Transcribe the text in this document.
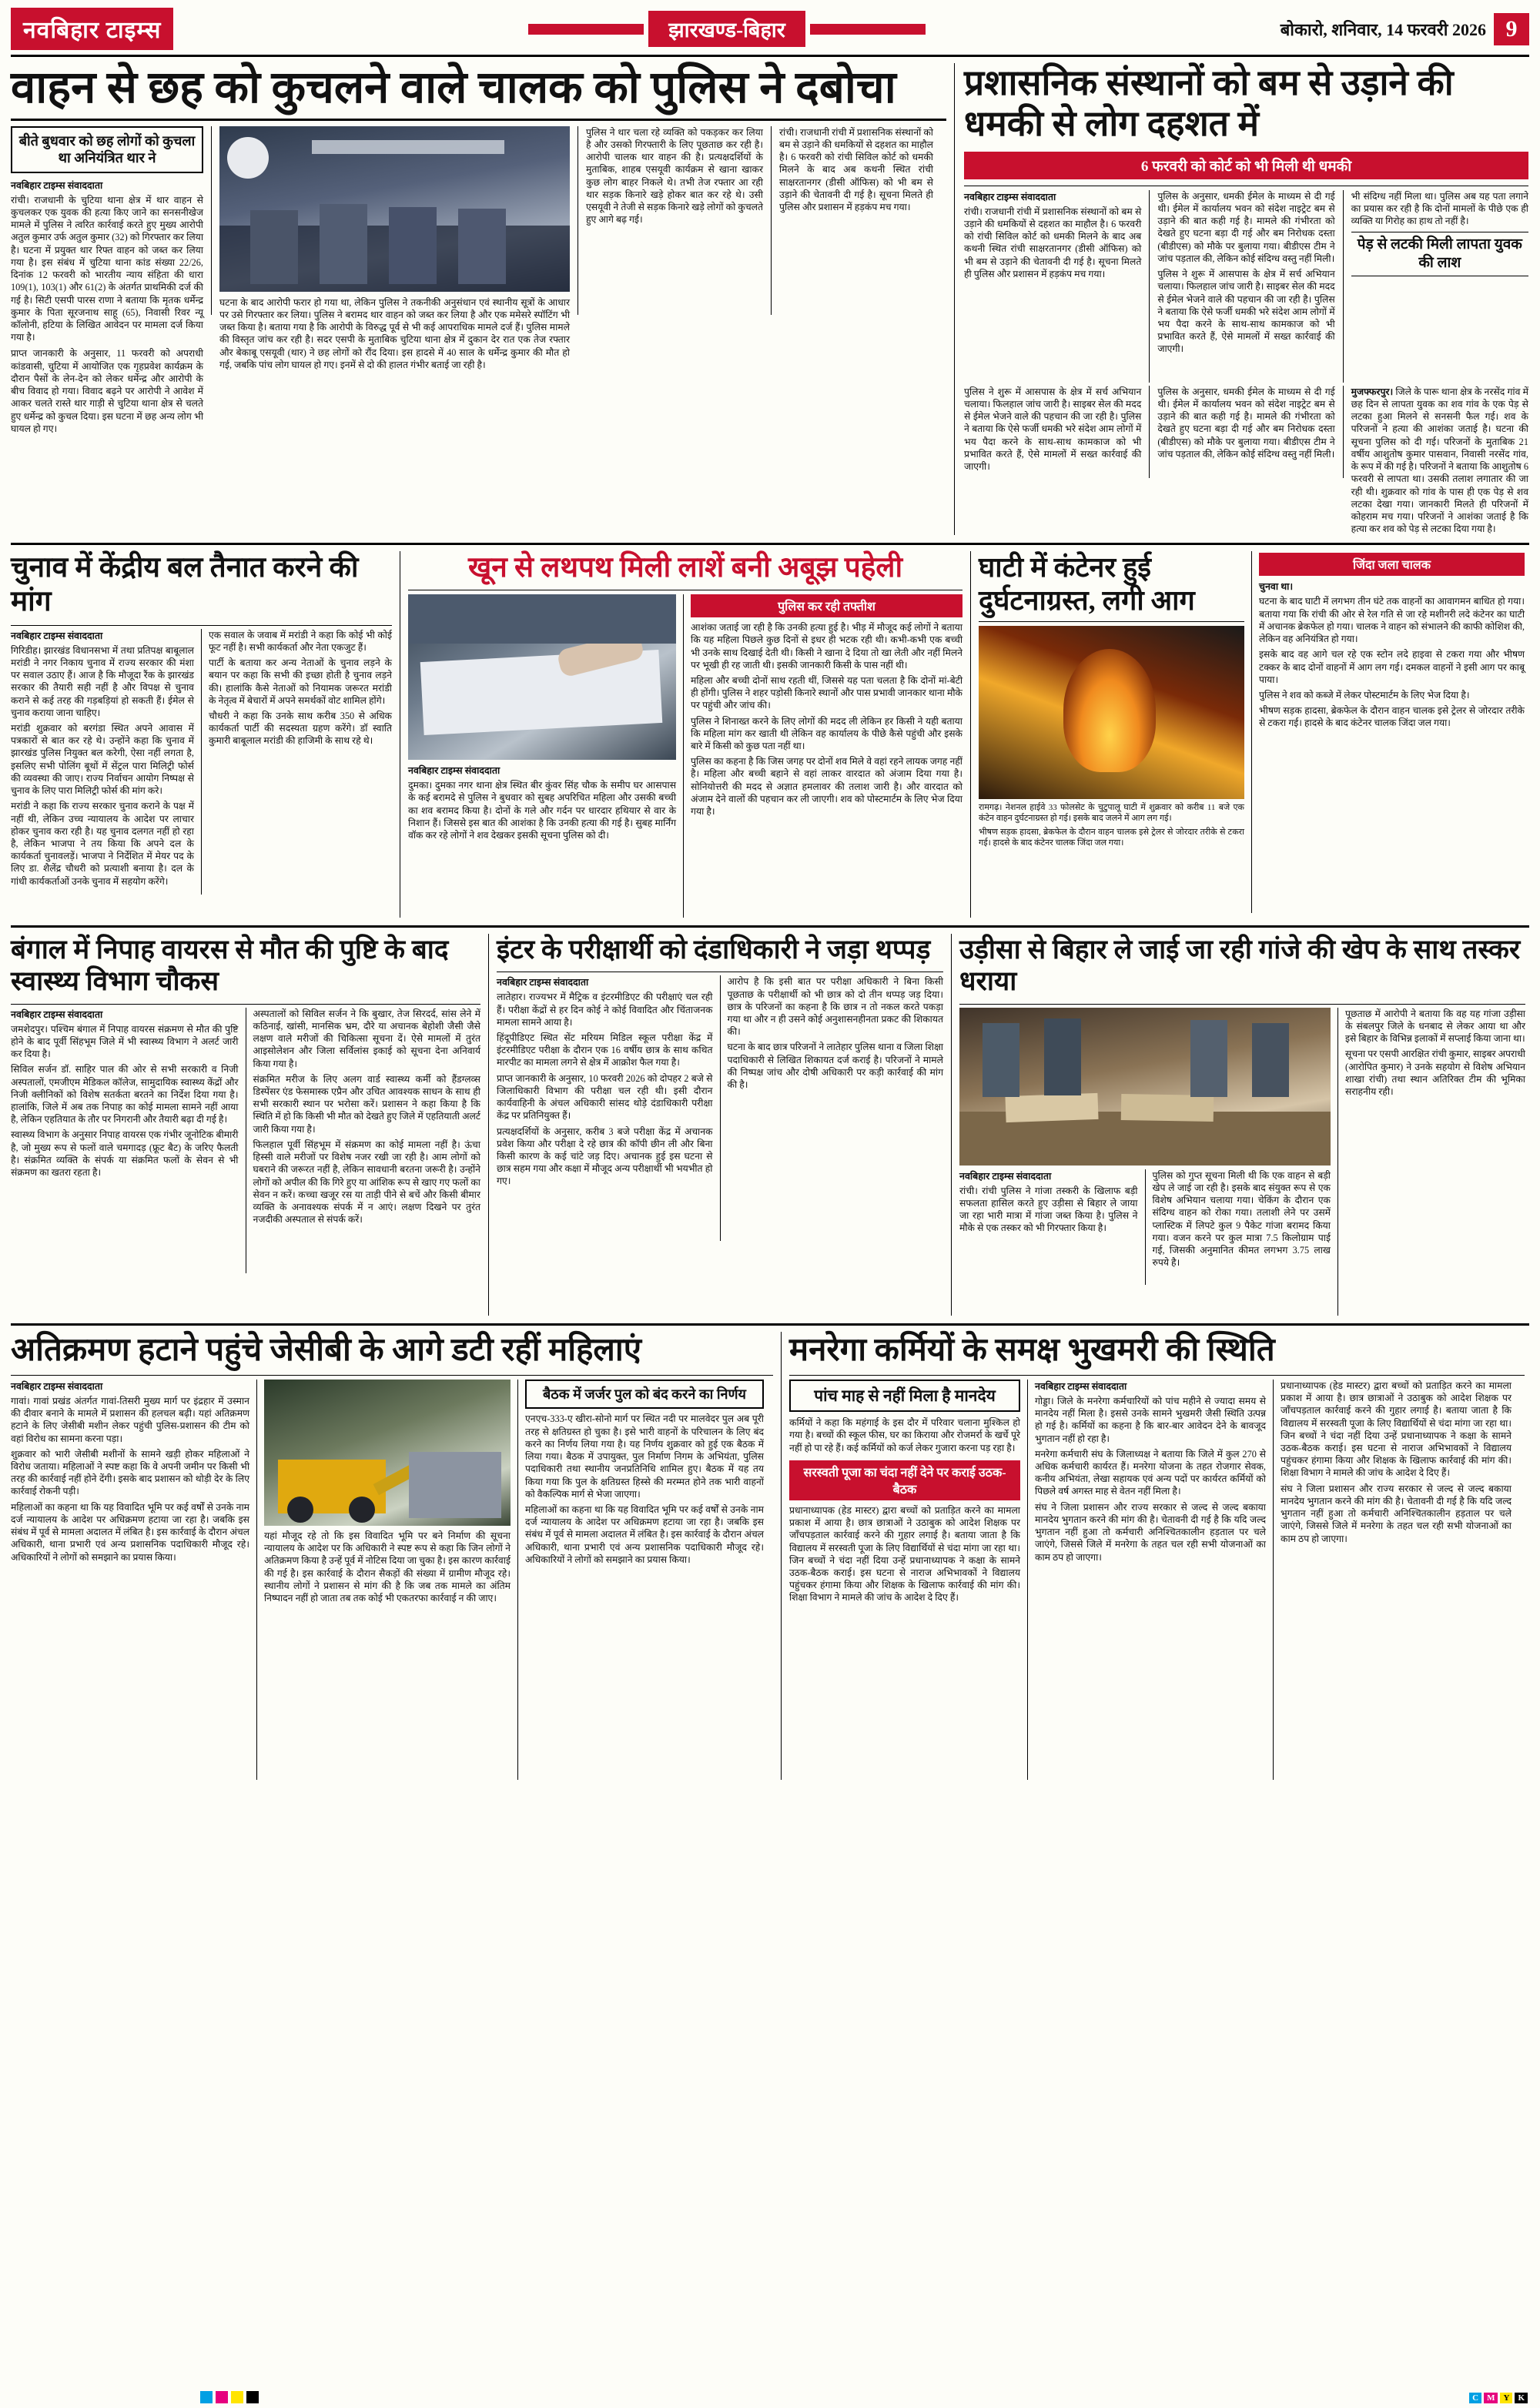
नवबिहार टाइम्स	झारखण्ड-बिहार	बोकारो, शनिवार, 14 फरवरी 2026 9
वाहन से छह को कुचलने वाले चालक को पुलिस ने दबोचा
बीते बुधवार को छह लोगों को कुचला था अनियंत्रित थार ने
नवबिहार टाइम्स संवाददाता
रांची। राजधानी के चुटिया थाना क्षेत्र में थार वाहन से कुचलकर एक युवक की हत्या किए जाने का सनसनीखेज मामले में पुलिस ने त्वरित कार्रवाई करते हुए मुख्य आरोपी अतुल कुमार उर्फ अतुल कुमार (32) को गिरफ्तार कर लिया है। घटना में प्रयुक्त थार रिफ्त वाहन को जब्त कर लिया गया है। इस संबंध में चुटिया थाना कांड संख्या 22/26, दिनांक 12 फरवरी को भारतीय न्याय संहिता की धारा 109(1), 103(1) और 61(2) के अंतर्गत प्राथमिकी दर्ज की गई है। सिटी एसपी पारस राणा ने बताया कि मृतक धर्मेन्द्र कुमार के पिता सूरजनाथ साहू (65), निवासी रिवर न्यू कॉलोनी, हटिया के लिखित आवेदन पर मामला दर्ज किया गया है।
प्राप्त जानकारी के अनुसार, 11 फरवरी को अपराधी कांडवासी, चुटिया में आयोजित एक गृहप्रवेश कार्यक्रम के दौरान पैसों के लेन-देन को लेकर धर्मेन्द्र और आरोपी के बीच विवाद हो गया। विवाद बढ़ने पर आरोपी ने आवेश में आकर चलते रास्ते थार गाड़ी से चुटिया थाना क्षेत्र से चलते हुए धर्मेन्द्र को कुचल दिया। इस घटना में छह अन्य लोग भी घायल हो गए।
घटना के बाद आरोपी फरार हो गया था, लेकिन पुलिस ने तकनीकी अनुसंधान एवं स्थानीय सूत्रों के आधार पर उसे गिरफ्तार कर लिया। पुलिस ने बरामद थार वाहन को जब्त कर लिया है और एक ममेसरे स्पॉटिंग भी जब्त किया है। बताया गया है कि आरोपी के विरुद्ध पूर्व से भी कई आपराधिक मामले दर्ज हैं। पुलिस मामले की विस्तृत जांच कर रही है। सदर एसपी के मुताबिक चुटिया थाना क्षेत्र में दुकान देर रात एक तेज रफ्तार और बेकाबू एसयूवी (थार) ने छह लोगों को रौंद दिया। इस हादसे में 40 साल के धर्मेन्द्र कुमार की मौत हो गई, जबकि पांच लोग घायल हो गए। इनमें से दो की हालत गंभीर बताई जा रही है।
पुलिस ने थार चला रहे व्यक्ति को पकड़कर कर लिया है और उसको गिरफ्तारी के लिए पूछताछ कर रही है। आरोपी चालक थार वाहन की है। प्रत्यक्षदर्शियों के मुताबिक, शाहब एसयूवी कार्यक्रम से खाना खाकर कुछ लोग बाहर निकले थे। तभी तेज रफ्तार आ रही थार सड़क किनारे खड़े होकर बात कर रहे थे। उसी एसयूवी ने तेजी से सड़क किनारे खड़े लोगों को कुचलते हुए आगे बढ़ गई।
रांची। राजधानी रांची में प्रशासनिक संस्थानों को बम से उड़ाने की धमकियों से दहशत का माहौल है। 6 फरवरी को रांची सिविल कोर्ट को धमकी मिलने के बाद अब कथनी स्थित रांची साक्षरतानगर (डीसी ऑफिस) को भी बम से उड़ाने की चेतावनी दी गई है। सूचना मिलते ही पुलिस और प्रशासन में हड़कंप मच गया।
प्रशासनिक संस्थानों को बम से उड़ाने की धमकी से लोग दहशत में
6 फरवरी को कोर्ट को भी मिली थी धमकी
नवबिहार टाइम्स संवाददाता
रांची। राजधानी रांची में प्रशासनिक संस्थानों को बम से उड़ाने की धमकियों से दहशत का माहौल है। 6 फरवरी को रांची सिविल कोर्ट को धमकी मिलने के बाद अब कथनी स्थित रांची साक्षरतानगर (डीसी ऑफिस) को भी बम से उड़ाने की चेतावनी दी गई है। सूचना मिलते ही पुलिस और प्रशासन में हड़कंप मच गया।
पुलिस के अनुसार, धमकी ईमेल के माध्यम से दी गई थी। ईमेल में कार्यालय भवन को संदेश नाइट्रेट बम से उड़ाने की बात कही गई है। मामले की गंभीरता को देखते हुए घटना बड़ा दी गई और बम निरोधक दस्ता (बीडीएस) को मौके पर बुलाया गया। बीडीएस टीम ने जांच पड़ताल की, लेकिन कोई संदिग्ध वस्तु नहीं मिली।
पुलिस ने शुरू में आसपास के क्षेत्र में सर्च अभियान चलाया। फिलहाल जांच जारी है। साइबर सेल की मदद से ईमेल भेजने वाले की पहचान की जा रही है। पुलिस ने बताया कि ऐसे फर्जी धमकी भरे संदेश आम लोगों में भय पैदा करने के साथ-साथ कामकाज को भी प्रभावित करते हैं, ऐसे मामलों में सख्त कार्रवाई की जाएगी।
भी संदिग्ध नहीं मिला था। पुलिस अब यह पता लगाने का प्रयास कर रही है कि दोनों मामलों के पीछे एक ही व्यक्ति या गिरोह का हाथ तो नहीं है।
पेड़ से लटकी मिली लापता युवक की लाश
पुलिस ने शुरू में आसपास के क्षेत्र में सर्च अभियान चलाया। फिलहाल जांच जारी है। साइबर सेल की मदद से ईमेल भेजने वाले की पहचान की जा रही है। पुलिस ने बताया कि ऐसे फर्जी धमकी भरे संदेश आम लोगों में भय पैदा करने के साथ-साथ कामकाज को भी प्रभावित करते हैं, ऐसे मामलों में सख्त कार्रवाई की जाएगी।
पुलिस के अनुसार, धमकी ईमेल के माध्यम से दी गई थी। ईमेल में कार्यालय भवन को संदेश नाइट्रेट बम से उड़ाने की बात कही गई है। मामले की गंभीरता को देखते हुए घटना बड़ा दी गई और बम निरोधक दस्ता (बीडीएस) को मौके पर बुलाया गया। बीडीएस टीम ने जांच पड़ताल की, लेकिन कोई संदिग्ध वस्तु नहीं मिली।
मुजफ्फरपुर। जिले के पारू थाना क्षेत्र के नरसेंद गांव में छह दिन से लापता युवक का शव गांव के एक पेड़ से लटका हुआ मिलने से सनसनी फैल गई। शव के परिजनों ने हत्या की आशंका जताई है। घटना की सूचना पुलिस को दी गई। परिजनों के मुताबिक 21 वर्षीय आशुतोष कुमार पासवान, निवासी नरसेंद गांव, के रूप में की गई है। परिजनों ने बताया कि आशुतोष 6 फरवरी से लापता था। उसकी तलाश लगातार की जा रही थी। शुक्रवार को गांव के पास ही एक पेड़ से शव लटका देखा गया। जानकारी मिलते ही परिजनों में कोहराम मच गया। परिजनों ने आशंका जताई है कि हत्या कर शव को पेड़ से लटका दिया गया है।
चुनाव में केंद्रीय बल तैनात करने की मांग
नवबिहार टाइम्स संवाददाता
गिरिडीह। झारखंड विधानसभा में तथा प्रतिपक्ष बाबूलाल मरांडी ने नगर निकाय चुनाव में राज्य सरकार की मंशा पर सवाल उठाए हैं। आज है कि मौजूदा रैंक के झारखंड सरकार की तैयारी सही नहीं है और विपक्ष से चुनाव कराने से कई तरह की गड़बड़ियां हो सकती हैं। ईमेल से चुनाव कराया जाना चाहिए।
मरांडी शुक्रवार को बरगंडा स्थित अपने आवास में पत्रकारों से बात कर रहे थे। उन्होंने कहा कि चुनाव में झारखंड पुलिस नियुक्त बल करेगी, ऐसा नहीं लगता है, इसलिए सभी पोलिंग बूथों में सेंट्रल पारा मिलिट्री फोर्स की व्यवस्था की जाए। राज्य निर्वाचन आयोग निष्पक्ष से चुनाव के लिए पारा मिलिट्री फोर्स की मांग करे।
मरांडी ने कहा कि राज्य सरकार चुनाव कराने के पक्ष में नहीं थी, लेकिन उच्च न्यायालय के आदेश पर लाचार होकर चुनाव करा रही है। यह चुनाव दलगत नहीं हो रहा है, लेकिन भाजपा ने तय किया कि अपने दल के कार्यकर्ता चुनावलड़ें। भाजपा ने निर्देशित में मेयर पद के लिए डा. शैलेंद्र चौधरी को प्रत्याशी बनाया है। दल के गांधी कार्यकर्ताओं उनके चुनाव में सहयोग करेंगे।
एक सवाल के जवाब में मरांडी ने कहा कि कोई भी कोई फूट नहीं है। सभी कार्यकर्ता और नेता एकजुट हैं।
पार्टी के बताया कर अन्य नेताओं के चुनाव लड़ने के बयान पर कहा कि सभी की इच्छा होती है चुनाव लड़ने की। हालांकि कैसे नेताओं को नियामक जरूरत मरांडी के नेतृत्व में बेचारों में अपने समर्थकों वोट शामिल होंगे।
चौधरी ने कहा कि उनके साथ करीब 350 से अधिक कार्यकर्ता पार्टी की सदस्यता ग्रहण करेंगे। डॉ स्वाति कुमारी बाबूलाल मरांडी की हाजिमी के साथ रहे थे।
खून से लथपथ मिली लाशें बनी अबूझ पहेली
नवबिहार टाइम्स संवाददाता
दुमका। दुमका नगर थाना क्षेत्र स्थित बीर कुंवर सिंह चौक के समीप घर आसपास के कई बरामदे से पुलिस ने बुधवार को सुबह अपरिचित महिला और उसकी बच्ची का शव बरामद किया है। दोनों के गले और गर्दन पर धारदार हथियार से वार के निशान हैं। जिससे इस बात की आशंका है कि उनकी हत्या की गई है। सुबह मार्निंग वॉक कर रहे लोगों ने शव देखकर इसकी सूचना पुलिस को दी।
पुलिस कर रही तफ्तीश
आशंका जताई जा रही है कि उनकी हत्या हुई है। भीड़ में मौजूद कई लोगों ने बताया कि यह महिला पिछले कुछ दिनों से इधर ही भटक रही थी। कभी-कभी एक बच्ची भी उनके साथ दिखाई देती थी। किसी ने खाना दे दिया तो खा लेती और नहीं मिलने पर भूखी ही रह जाती थी। इसकी जानकारी किसी के पास नहीं थी।
महिला और बच्ची दोनों साथ रहती थीं, जिससे यह पता चलता है कि दोनों मां-बेटी ही होंगी। पुलिस ने शहर पड़ोसी किनारे स्थानों और पास प्रभावी जानकार थाना मौके पर पहुंची और जांच की।
पुलिस ने शिनाख्त करने के लिए लोगों की मदद ली लेकिन हर किसी ने यही बताया कि महिला मांग कर खाती थी लेकिन वह कार्यालय के पीछे कैसे पहुंची और इसके बारे में किसी को कुछ पता नहीं था।
पुलिस का कहना है कि जिस जगह पर दोनों शव मिले वे वहां रहने लायक जगह नहीं है। महिला और बच्ची बहाने से वहां लाकर वारदात को अंजाम दिया गया है। सोनियोत्तरी की मदद से अज्ञात हमलावर की तलाश जारी है। और वारदात को अंजाम देने वालों की पहचान कर ली जाएगी। शव को पोस्टमार्टम के लिए भेज दिया गया है।
घाटी में कंटेनर हुई दुर्घटनाग्रस्त, लगी आग
रामगढ़। नेशनल हाईवे 33 फोलसेट के चुटुपालू घाटी में शुक्रवार को करीब 11 बजे एक कंटेन वाहन दुर्घटनाग्रस्त हो गई। इसके बाद जलने में आग लग गई।
भीषण सड़क हादसा, ब्रेकफेल के दौरान वाहन चालक इसे ट्रेलर से जोरदार तरीके से टकरा गई। हादसे के बाद कंटेनर चालक जिंदा जल गया।
जिंदा जला चालक
चुनवा था।
घटना के बाद घाटी में लगभग तीन घंटे तक वाहनों का आवागमन बाधित हो गया। बताया गया कि रांची की ओर से रेल गति से जा रहे मशीनरी लदे कंटेनर का घाटी में अचानक ब्रेकफेल हो गया। चालक ने वाहन को संभालने की काफी कोशिश की, लेकिन वह अनियंत्रित हो गया।
इसके बाद वह आगे चल रहे एक स्टोन लदे हाइवा से टकरा गया और भीषण टक्कर के बाद दोनों वाहनों में आग लग गई। दमकल वाहनों ने इसी आग पर काबू पाया।
पुलिस ने शव को कब्जे में लेकर पोस्टमार्टम के लिए भेज दिया है।
भीषण सड़क हादसा, ब्रेकफेल के दौरान वाहन चालक इसे ट्रेलर से जोरदार तरीके से टकरा गई। हादसे के बाद कंटेनर चालक जिंदा जल गया।
बंगाल में निपाह वायरस से मौत की पुष्टि के बाद स्वास्थ्य विभाग चौकस
नवबिहार टाइम्स संवाददाता
जमशेदपुर। पश्चिम बंगाल में निपाह वायरस संक्रमण से मौत की पुष्टि होने के बाद पूर्वी सिंहभूम जिले में भी स्वास्थ्य विभाग ने अलर्ट जारी कर दिया है।
सिविल सर्जन डॉ. साहिर पाल की ओर से सभी सरकारी व निजी अस्पतालों, एमजीएम मेडिकल कॉलेज, सामुदायिक स्वास्थ्य केंद्रों और निजी क्लीनिकों को विशेष सतर्कता बरतने का निर्देश दिया गया है। हालांकि, जिले में अब तक निपाह का कोई मामला सामने नहीं आया है, लेकिन एहतियात के तौर पर निगरानी और तैयारी बढ़ा दी गई है।
स्वास्थ्य विभाग के अनुसार निपाह वायरस एक गंभीर जूनोटिक बीमारी है, जो मुख्य रूप से फलों वाले चमगादड़ (फ्रूट बैट) के जरिए फैलती है। संक्रमित व्यक्ति के संपर्क या संक्रमित फलों के सेवन से भी संक्रमण का खतरा रहता है।
अस्पतालों को सिविल सर्जन ने कि बुखार, तेज सिरदर्द, सांस लेने में कठिनाई, खांसी, मानसिक भ्रम, दौरे या अचानक बेहोशी जैसी जैसे लक्षण वाले मरीजों की चिकित्सा सूचना दें। ऐसे मामलों में तुरंत आइसोलेशन और जिला सर्विलांस इकाई को सूचना देना अनिवार्य किया गया है।
संक्रमित मरीज के लिए अलग वार्ड स्वास्थ्य कर्मी को हैंडग्लव्स डिस्पेंसर एंड फेसमास्क एप्रैन और उचित आवश्यक साधन के साथ ही सभी सरकारी स्थान पर भरोसा करें। प्रशासन ने कहा किया है कि स्थिति में हो कि किसी भी मौत को देखते हुए जिले में एहतियाती अलर्ट जारी किया गया है।
फिलहाल पूर्वी सिंहभूम में संक्रमण का कोई मामला नहीं है। ऊंचा हिस्सी वाले मरीजों पर विशेष नजर रखी जा रही है। आम लोगों को घबराने की जरूरत नहीं है, लेकिन सावधानी बरतना जरूरी है। उन्होंने लोगों को अपील की कि गिरे हुए या आंशिक रूप से खाए गए फलों का सेवन न करें। कच्चा खजूर रस या ताड़ी पीने से बचें और किसी बीमार व्यक्ति के अनावश्यक संपर्क में न आएं। लक्षण दिखने पर तुरंत नजदीकी अस्पताल से संपर्क करें।
इंटर के परीक्षार्थी को दंडाधिकारी ने जड़ा थप्पड़
नवबिहार टाइम्स संवाददाता
लातेहार। राज्यभर में मैट्रिक व इंटरमीडिएट की परीक्षाएं चल रही हैं। परीक्षा केंद्रों से हर दिन कोई ने कोई विवादित और चिंताजनक मामला सामने आया है।
हिंदूपीडिएट स्थित सेंट मरियम मिडिल स्कूल परीक्षा केंद्र में इंटरमीडिएट परीक्षा के दौरान एक 16 वर्षीय छात्र के साथ कथित मारपीट का मामला लगने से क्षेत्र में आक्रोश फैल गया है।
प्राप्त जानकारी के अनुसार, 10 फरवरी 2026 को दोपहर 2 बजे से जिलाधिकारी विभाग की परीक्षा चल रही थी। इसी दौरान कार्यवाहिनी के अंचल अधिकारी सांसद थोड़े दंडाधिकारी परीक्षा केंद्र पर प्रतिनियुक्त हैं।
प्रत्यक्षदर्शियों के अनुसार, करीब 3 बजे परीक्षा केंद्र में अचानक प्रवेश किया और परीक्षा दे रहे छात्र की कॉपी छीन ली और बिना किसी कारण के कई चांटे जड़ दिए। अचानक हुई इस घटना से छात्र सहम गया और कक्षा में मौजूद अन्य परीक्षार्थी भी भयभीत हो गए।
आरोप है कि इसी बात पर परीक्षा अधिकारी ने बिना किसी पूछताछ के परीक्षार्थी को भी छात्र को दो तीन थप्पड़ जड़ दिया। छात्र के परिजनों का कहना है कि छात्र न तो नकल करते पकड़ा गया था और न ही उसने कोई अनुशासनहीनता प्रकट की शिकायत की।
घटना के बाद छात्र परिजनों ने लातेहार पुलिस थाना व जिला शिक्षा पदाधिकारी से लिखित शिकायत दर्ज कराई है। परिजनों ने मामले की निष्पक्ष जांच और दोषी अधिकारी पर कड़ी कार्रवाई की मांग की है।
उड़ीसा से बिहार ले जाई जा रही गांजे की खेप के साथ तस्कर धराया
नवबिहार टाइम्स संवाददाता
रांची। रांची पुलिस ने गांजा तस्करी के खिलाफ बड़ी सफलता हासिल करते हुए उड़ीसा से बिहार ले जाया जा रहा भारी मात्रा में गांजा जब्त किया है। पुलिस ने मौके से एक तस्कर को भी गिरफ्तार किया है।
पुलिस को गुप्त सूचना मिली थी कि एक वाहन से बड़ी खेप ले जाई जा रही है। इसके बाद संयुक्त रूप से एक विशेष अभियान चलाया गया। चेकिंग के दौरान एक संदिग्ध वाहन को रोका गया। तलाशी लेने पर उसमें प्लास्टिक में लिपटे कुल 9 पैकेट गांजा बरामद किया गया। वजन करने पर कुल मात्रा 7.5 किलोग्राम पाई गई, जिसकी अनुमानित कीमत लगभग 3.75 लाख रुपये है।
पूछताछ में आरोपी ने बताया कि वह यह गांजा उड़ीसा के संबलपुर जिले के धनबाद से लेकर आया था और इसे बिहार के विभिन्न इलाकों में सप्लाई किया जाना था।
सूचना पर एसपी आरक्षित रांची कुमार, साइबर अपराधी (आरोपित कुमार) ने उनके सहयोग से विशेष अभियान शाखा रांची) तथा स्थान अतिरिक्त टीम की भूमिका सराहनीय रही।
अतिक्रमण हटाने पहुंचे जेसीबी के आगे डटी रहीं महिलाएं
नवबिहार टाइम्स संवाददाता
गावां। गावां प्रखंड अंतर्गत गावां-तिसरी मुख्य मार्ग पर इंद्रहार में उस्मान की दीवार बनाने के मामले में प्रशासन की हलचल बढ़ी। यहां अतिक्रमण हटाने के लिए जेसीबी मशीन लेकर पहुंची पुलिस-प्रशासन की टीम को वहां विरोध का सामना करना पड़ा।
शुक्रवार को भारी जेसीबी मशीनों के सामने खड़ी होकर महिलाओं ने विरोध जताया। महिलाओं ने स्पष्ट कहा कि वे अपनी जमीन पर किसी भी तरह की कार्रवाई नहीं होने देंगी। इसके बाद प्रशासन को थोड़ी देर के लिए कार्रवाई रोकनी पड़ी।
महिलाओं का कहना था कि यह विवादित भूमि पर कई वर्षों से उनके नाम दर्ज न्यायालय के आदेश पर अधिक्रमण हटाया जा रहा है। जबकि इस संबंध में पूर्व से मामला अदालत में लंबित है। इस कार्रवाई के दौरान अंचल अधिकारी, थाना प्रभारी एवं अन्य प्रशासनिक पदाधिकारी मौजूद रहे। अधिकारियों ने लोगों को समझाने का प्रयास किया।
यहां मौजूद रहे तो कि इस विवादित भूमि पर बने निर्माण की सूचना न्यायालय के आदेश पर कि अधिकारी ने स्पष्ट रूप से कहा कि जिन लोगों ने अतिक्रमण किया है उन्हें पूर्व में नोटिस दिया जा चुका है। इस कारण कार्रवाई की गई है। इस कार्रवाई के दौरान सैकड़ों की संख्या में ग्रामीण मौजूद रहे। स्थानीय लोगों ने प्रशासन से मांग की है कि जब तक मामले का अंतिम निष्पादन नहीं हो जाता तब तक कोई भी एकतरफा कार्रवाई न की जाए।
बैठक में जर्जर पुल को बंद करने का निर्णय
एनएच-333-ए खीरा-सोनो मार्ग पर स्थित नदी पर मालवेदर पुल अब पूरी तरह से क्षतिग्रस्त हो चुका है। इसे भारी वाहनों के परिचालन के लिए बंद करने का निर्णय लिया गया है। यह निर्णय शुक्रवार को हुई एक बैठक में लिया गया। बैठक में उपायुक्त, पुल निर्माण निगम के अभियंता, पुलिस पदाधिकारी तथा स्थानीय जनप्रतिनिधि शामिल हुए। बैठक में यह तय किया गया कि पुल के क्षतिग्रस्त हिस्से की मरम्मत होने तक भारी वाहनों को वैकल्पिक मार्ग से भेजा जाएगा।
महिलाओं का कहना था कि यह विवादित भूमि पर कई वर्षों से उनके नाम दर्ज न्यायालय के आदेश पर अधिक्रमण हटाया जा रहा है। जबकि इस संबंध में पूर्व से मामला अदालत में लंबित है। इस कार्रवाई के दौरान अंचल अधिकारी, थाना प्रभारी एवं अन्य प्रशासनिक पदाधिकारी मौजूद रहे। अधिकारियों ने लोगों को समझाने का प्रयास किया।
मनरेगा कर्मियों के समक्ष भुखमरी की स्थिति
पांच माह से नहीं मिला है मानदेय
कर्मियों ने कहा कि महंगाई के इस दौर में परिवार चलाना मुश्किल हो गया है। बच्चों की स्कूल फीस, घर का किराया और रोजमर्रा के खर्चे पूरे नहीं हो पा रहे हैं। कई कर्मियों को कर्ज लेकर गुजारा करना पड़ रहा है।
सरस्वती पूजा का चंदा नहीं देने पर कराई उठक-बैठक
प्रधानाध्यापक (हेड मास्टर) द्वारा बच्चों को प्रताड़ित करने का मामला प्रकाश में आया है। छात्र छात्राओं ने उठाबुक को आदेश शिक्षक पर जाँचपड़ताल कार्रवाई करने की गुहार लगाई है। बताया जाता है कि विद्यालय में सरस्वती पूजा के लिए विद्यार्थियों से चंदा मांगा जा रहा था। जिन बच्चों ने चंदा नहीं दिया उन्हें प्रधानाध्यापक ने कक्षा के सामने उठक-बैठक कराई। इस घटना से नाराज अभिभावकों ने विद्यालय पहुंचकर हंगामा किया और शिक्षक के खिलाफ कार्रवाई की मांग की। शिक्षा विभाग ने मामले की जांच के आदेश दे दिए हैं।
नवबिहार टाइम्स संवाददाता
गोड्डा। जिले के मनरेगा कर्मचारियों को पांच महीने से ज्यादा समय से मानदेय नहीं मिला है। इससे उनके सामने भुखमरी जैसी स्थिति उत्पन्न हो गई है। कर्मियों का कहना है कि बार-बार आवेदन देने के बावजूद भुगतान नहीं हो रहा है।
मनरेगा कर्मचारी संघ के जिलाध्यक्ष ने बताया कि जिले में कुल 270 से अधिक कर्मचारी कार्यरत हैं। मनरेगा योजना के तहत रोजगार सेवक, कनीय अभियंता, लेखा सहायक एवं अन्य पदों पर कार्यरत कर्मियों को पिछले वर्ष अगस्त माह से वेतन नहीं मिला है।
संघ ने जिला प्रशासन और राज्य सरकार से जल्द से जल्द बकाया मानदेय भुगतान करने की मांग की है। चेतावनी दी गई है कि यदि जल्द भुगतान नहीं हुआ तो कर्मचारी अनिश्चितकालीन हड़ताल पर चले जाएंगे, जिससे जिले में मनरेगा के तहत चल रही सभी योजनाओं का काम ठप हो जाएगा।
प्रधानाध्यापक (हेड मास्टर) द्वारा बच्चों को प्रताड़ित करने का मामला प्रकाश में आया है। छात्र छात्राओं ने उठाबुक को आदेश शिक्षक पर जाँचपड़ताल कार्रवाई करने की गुहार लगाई है। बताया जाता है कि विद्यालय में सरस्वती पूजा के लिए विद्यार्थियों से चंदा मांगा जा रहा था। जिन बच्चों ने चंदा नहीं दिया उन्हें प्रधानाध्यापक ने कक्षा के सामने उठक-बैठक कराई। इस घटना से नाराज अभिभावकों ने विद्यालय पहुंचकर हंगामा किया और शिक्षक के खिलाफ कार्रवाई की मांग की। शिक्षा विभाग ने मामले की जांच के आदेश दे दिए हैं।
संघ ने जिला प्रशासन और राज्य सरकार से जल्द से जल्द बकाया मानदेय भुगतान करने की मांग की है। चेतावनी दी गई है कि यदि जल्द भुगतान नहीं हुआ तो कर्मचारी अनिश्चितकालीन हड़ताल पर चले जाएंगे, जिससे जिले में मनरेगा के तहत चल रही सभी योजनाओं का काम ठप हो जाएगा।
C	M	Y	K
